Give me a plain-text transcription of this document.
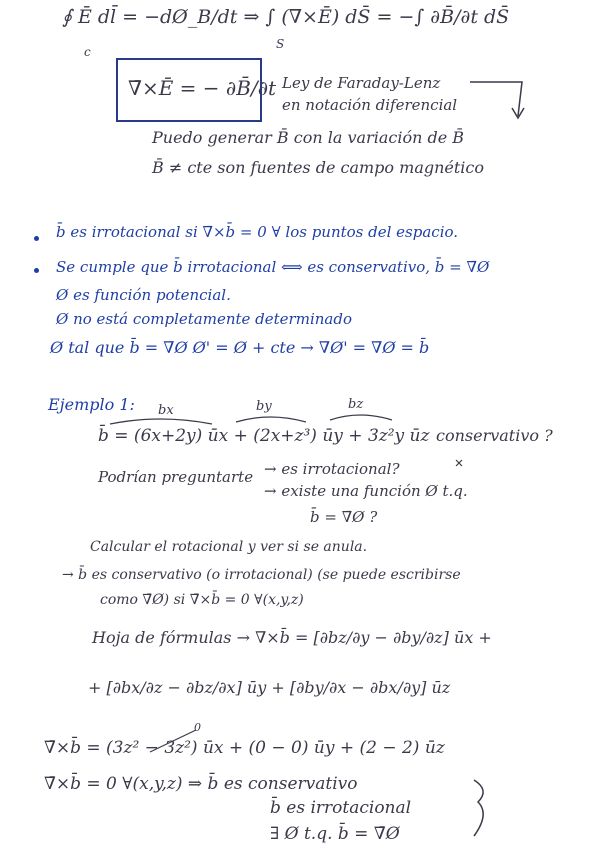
∮ Ē dl̄ = −dØ_B/dt ⇒ ∫ (∇̄×Ē) dS̄ = −∫ ∂B̄/∂t dS̄
c
S
∇̄×Ē = − ∂B̄/∂t Ley de Faraday-Lenz
en notación diferencial
Puedo generar B̄ con la variación de B̄
B̄ ≠ cte son fuentes de campo magnético
b̄ es irrotacional si ∇̄×b̄ = 0 ∀ los puntos del espacio.
Se cumple que b̄ irrotacional ⟺ es conservativo, b̄ = ∇̄Ø
Ø es función potencial.
Ø no está completamente determinado
Ø tal que b̄ = ∇̄Ø Ø' = Ø + cte → ∇̄Ø' = ∇̄Ø = b̄
Ejemplo 1: bx	by	bz
b̄ = (6x+2y) ūx + (2x+z³) ūy + 3z²y ūz conservativo ?
Podrían preguntarte → es irrotacional?
→ existe una función Ø t.q.
b̄ = ∇̄Ø ?
Calcular el rotacional y ver si se anula.
→ b̄ es conservativo (o irrotacional) (se puede escribirse
como ∇̄Ø) si ∇̄×b̄ = 0 ∀(x,y,z)
Hoja de fórmulas → ∇̄×b̄ = [∂bz/∂y − ∂by/∂z] ūx +
+ [∂bx/∂z − ∂bz/∂x] ūy + [∂by/∂x − ∂bx/∂y] ūz
0
∇̄×b̄ = (3z² − 3z²) ūx + (0 − 0) ūy + (2 − 2) ūz
∇̄×b̄ = 0 ∀(x,y,z) ⇒ b̄ es conservativo
b̄ es irrotacional
∃ Ø t.q. b̄ = ∇̄Ø
